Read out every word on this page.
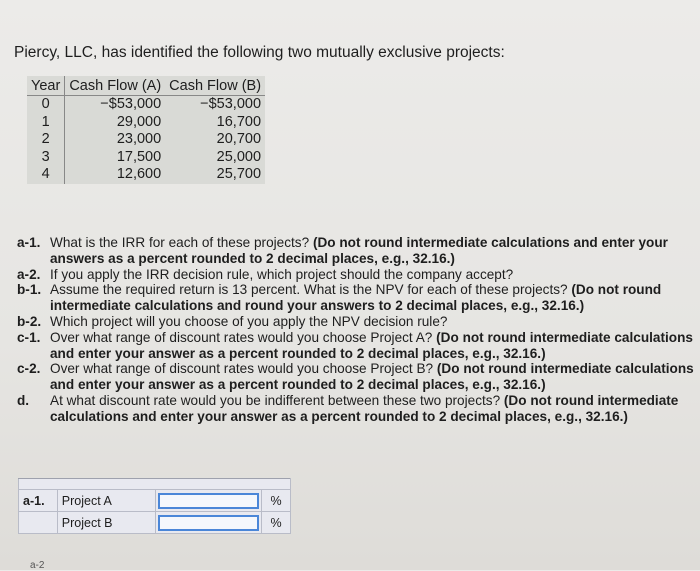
Piercy, LLC, has identified the following two mutually exclusive projects:
Year	Cash Flow (A)	Cash Flow (B)
0	−$53,000	−$53,000
1	29,000	16,700
2	23,000	20,700
3	17,500	25,000
4	12,600	25,700
a-1. What is the IRR for each of these projects? (Do not round intermediate calculations and enter your answers as a percent rounded to 2 decimal places, e.g., 32.16.)
a-2. If you apply the IRR decision rule, which project should the company accept?
b-1. Assume the required return is 13 percent. What is the NPV for each of these projects? (Do not round intermediate calculations and round your answers to 2 decimal places, e.g., 32.16.)
b-2. Which project will you choose of you apply the NPV decision rule?
c-1. Over what range of discount rates would you choose Project A? (Do not round intermediate calculations and enter your answer as a percent rounded to 2 decimal places, e.g., 32.16.)
c-2. Over what range of discount rates would you choose Project B? (Do not round intermediate calculations and enter your answer as a percent rounded to 2 decimal places, e.g., 32.16.)
d.	At what discount rate would you be indifferent between these two projects? (Do not round intermediate calculations and enter your answer as a percent rounded to 2 decimal places, e.g., 32.16.)

a-1.	Project A		%
	Project B		%
a-2
